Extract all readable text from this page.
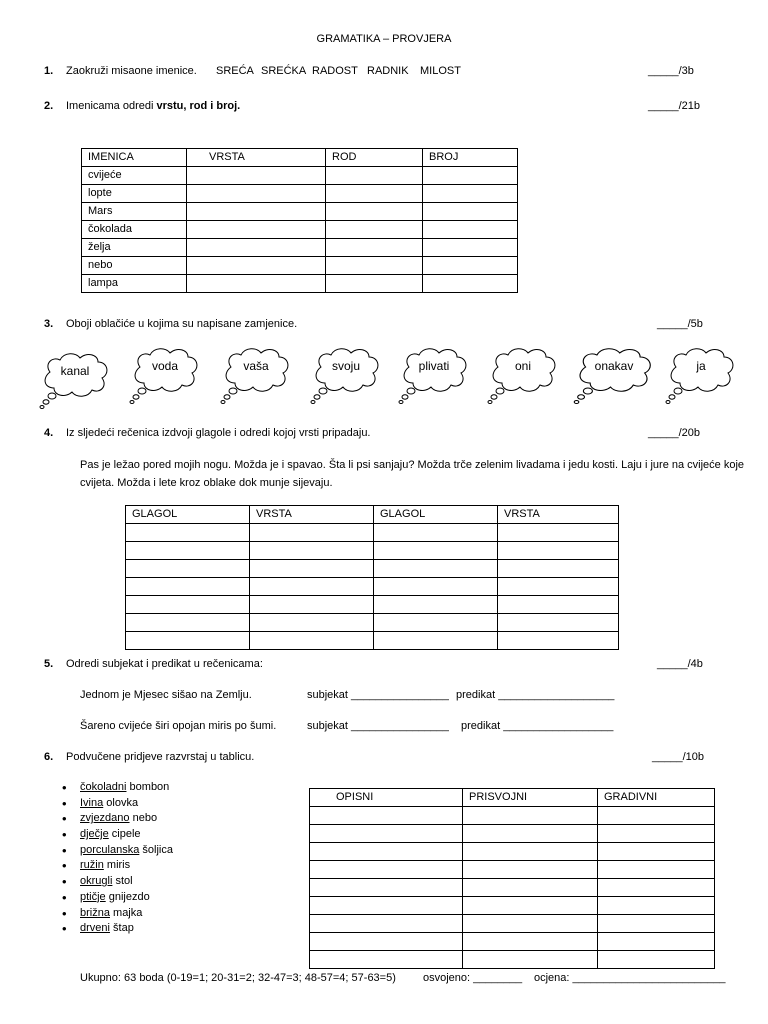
GRAMATIKA – PROVJERA
1. Zaokruži misaone imenice. SREĆA SREĆKA RADOST RADNIK MILOST	_____/3b
2. Imenicama odredi vrstu, rod i broj.	_____/21b
IMENICA	VRSTA	ROD	BROJ
cvijeće			
lopte			
Mars			
čokolada			
želja			
nebo			
lampa			
3. Oboji oblačiće u kojima su napisane zamjenice.	_____/5b
kanal	voda	vaša	svoju	plivati	oni	onakav	ja
4. Iz sljedeći rečenica izdvoji glagole i odredi kojoj vrsti pripadaju.	_____/20b
Pas je ležao pored mojih nogu. Možda je i spavao. Šta li psi sanjaju? Možda trče zelenim livadama i jedu kosti. Laju i jure na cvijeće koje cvijeta. Možda i lete kroz oblake dok munje sijevaju.
GLAGOL	VRSTA	GLAGOL	VRSTA

5. Odredi subjekat i predikat u rečenicama:	_____/4b
Jednom je Mjesec sišao na Zemlju.	subjekat ________________ predikat ___________________
Šareno cvijeće širi opojan miris po šumi.	subjekat ________________ predikat __________________
6. Podvučene pridjeve razvrstaj u tablicu.	_____/10b
• čokoladni bombon
• Ivina olovka
• zvjezdano nebo
• dječje cipele
• porculanska šoljica
• ružin miris
• okrugli stol
• ptičje gnijezdo
• brižna majka
• drveni štap
OPISNI	PRISVOJNI	GRADIVNI

Ukupno: 63 boda (0-19=1; 20-31=2; 32-47=3; 48-57=4; 57-63=5) osvojeno: ________ ocjena: _________________________
